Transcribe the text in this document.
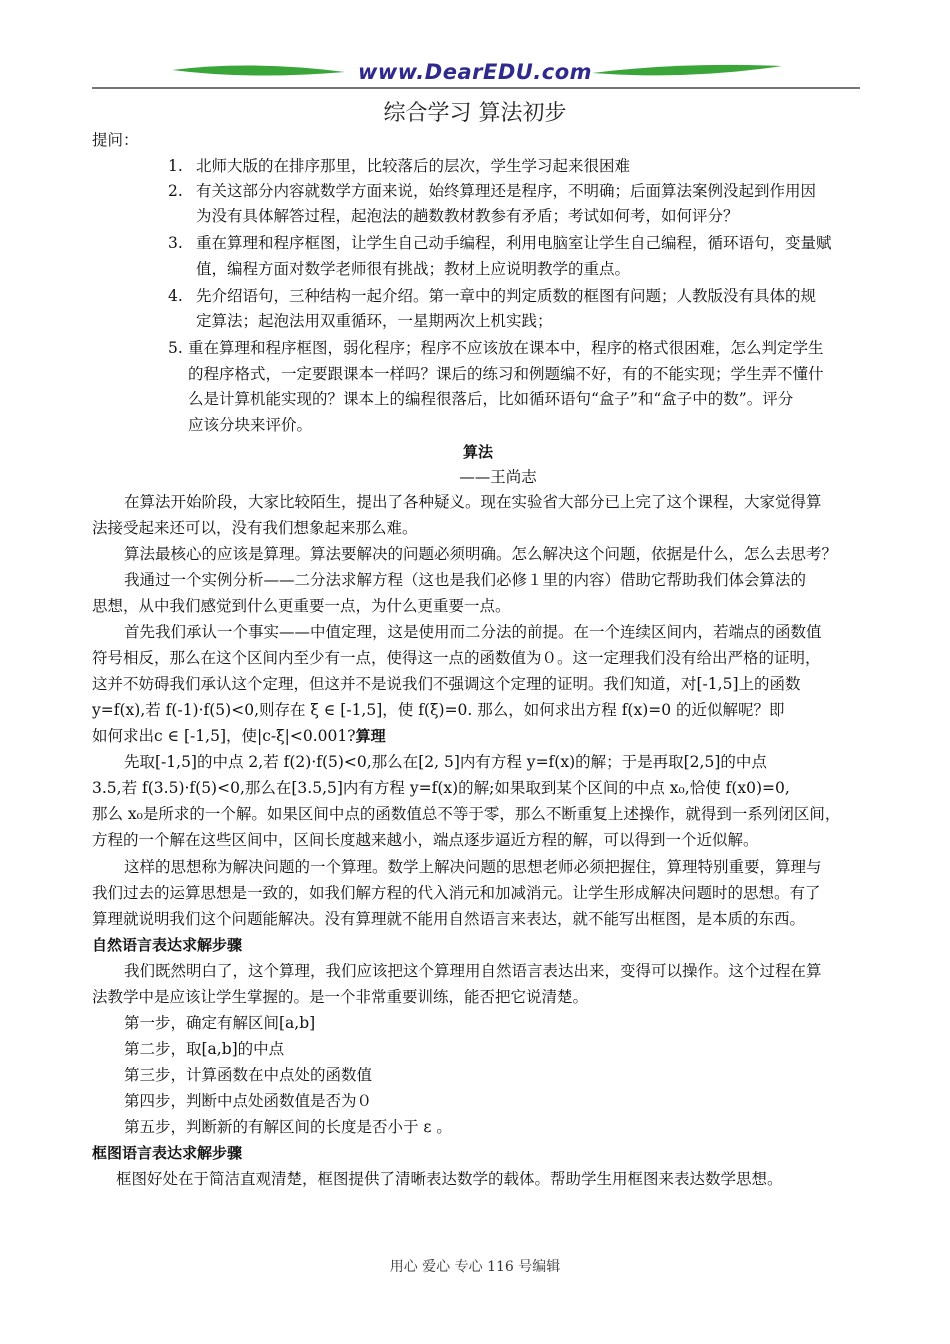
www.DearEDU.com
综合学习 算法初步
提问：
1. 北师大版的在排序那里，比较落后的层次，学生学习起来很困难
2. 有关这部分内容就数学方面来说，始终算理还是程序，不明确；后面算法案例没起到作用因
为没有具体解答过程，起泡法的趟数教材教参有矛盾；考试如何考，如何评分？
3. 重在算理和程序框图，让学生自己动手编程，利用电脑室让学生自己编程，循环语句，变量赋
值，编程方面对数学老师很有挑战；教材上应说明教学的重点。
4. 先介绍语句，三种结构一起介绍。第一章中的判定质数的框图有问题；人教版没有具体的规
定算法；起泡法用双重循环，一星期两次上机实践；
5. 重在算理和程序框图，弱化程序；程序不应该放在课本中，程序的格式很困难，怎么判定学生
的程序格式，一定要跟课本一样吗？课后的练习和例题编不好，有的不能实现；学生弄不懂什
么是计算机能实现的？课本上的编程很落后，比如循环语句“盒子”和“盒子中的数”。评分
应该分块来评价。
算法
——王尚志
在算法开始阶段，大家比较陌生，提出了各种疑义。现在实验省大部分已上完了这个课程，大家觉得算
法接受起来还可以，没有我们想象起来那么难。
算法最核心的应该是算理。算法要解决的问题必须明确。怎么解决这个问题，依据是什么，怎么去思考？
我通过一个实例分析——二分法求解方程（这也是我们必修１里的内容）借助它帮助我们体会算法的
思想，从中我们感觉到什么更重要一点，为什么更重要一点。
首先我们承认一个事实——中值定理，这是使用而二分法的前提。在一个连续区间内，若端点的函数值
符号相反，那么在这个区间内至少有一点，使得这一点的函数值为０。这一定理我们没有给出严格的证明，
这并不妨碍我们承认这个定理，但这并不是说我们不强调这个定理的证明。我们知道，对[-1,5]上的函数
y=f(x),若 f(-1)·f(5)<0,则存在 ξ ∈ [-1,5]，使 f(ξ)=0. 那么，如何求出方程 f(x)=0 的近似解呢？即
如何求出c ∈ [-1,5]，使|c-ξ|<0.001?算理
先取[-1,5]的中点 2,若 f(2)·f(5)<0,那么在[2, 5]内有方程 y=f(x)的解；于是再取[2,5]的中点
3.5,若 f(3.5)·f(5)<0,那么在[3.5,5]内有方程 y=f(x)的解;如果取到某个区间的中点 x₀,恰使 f(x0)=0,
那么 x₀是所求的一个解。如果区间中点的函数值总不等于零，那么不断重复上述操作，就得到一系列闭区间，
方程的一个解在这些区间中，区间长度越来越小，端点逐步逼近方程的解，可以得到一个近似解。
这样的思想称为解决问题的一个算理。数学上解决问题的思想老师必须把握住，算理特别重要，算理与
我们过去的运算思想是一致的，如我们解方程的代入消元和加减消元。让学生形成解决问题时的思想。有了
算理就说明我们这个问题能解决。没有算理就不能用自然语言来表达，就不能写出框图，是本质的东西。
自然语言表达求解步骤
我们既然明白了，这个算理，我们应该把这个算理用自然语言表达出来，变得可以操作。这个过程在算
法教学中是应该让学生掌握的。是一个非常重要训练，能否把它说清楚。
第一步，确定有解区间[a,b]
第二步，取[a,b]的中点
第三步，计算函数在中点处的函数值
第四步，判断中点处函数值是否为０
第五步，判断新的有解区间的长度是否小于 ε 。
框图语言表达求解步骤
框图好处在于简洁直观清楚，框图提供了清晰表达数学的载体。帮助学生用框图来表达数学思想。
用心 爱心 专心 116 号编辑
